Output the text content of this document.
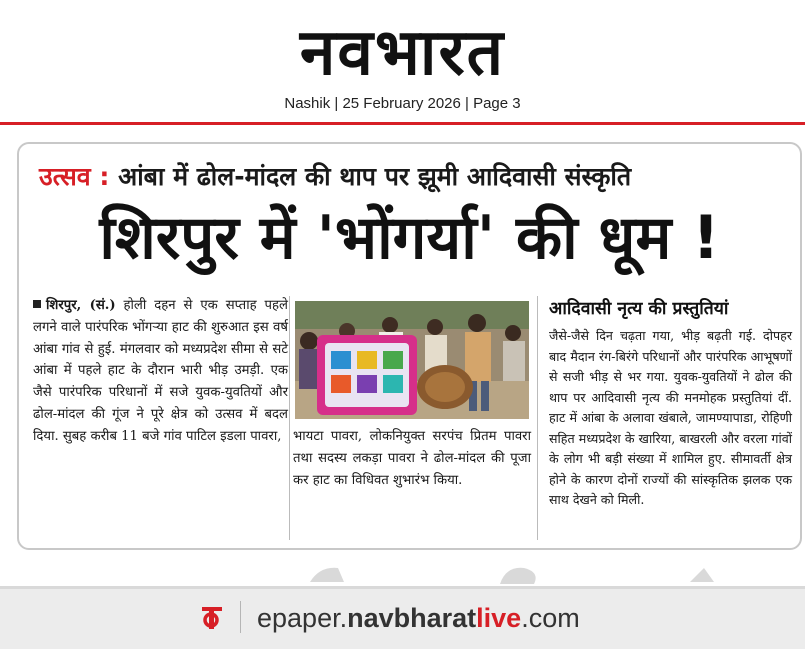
नवभारत
Nashik | 25 February 2026 | Page 3
उत्सव : आंबा में ढोल-मांदल की थाप पर झूमी आदिवासी संस्कृति
शिरपुर में 'भोंगर्या' की धूम !
शिरपुर, (सं.) होली दहन से एक सप्ताह पहले लगने वाले पारंपरिक भोंगऱ्या हाट की शुरुआत इस वर्ष आंबा गांव से हुई. मंगलवार को मध्यप्रदेश सीमा से सटे आंबा में पहले हाट के दौरान भारी भीड़ उमड़ी. एक जैसे पारंपरिक परिधानों में सजे युवक-युवतियों और ढोल-मांदल की गूंज ने पूरे क्षेत्र को उत्सव में बदल दिया. सुबह करीब 11 बजे गांव पाटिल इडला पावरा, भायटा पावरा, लोकनियुक्त सरपंच प्रितम पावरा तथा सदस्य लकड़ा पावरा ने ढोल-मांदल की पूजा कर हाट का विधिवत शुभारंभ किया.
आदिवासी नृत्य की प्रस्तुतियां
जैसे-जैसे दिन चढ़ता गया, भीड़ बढ़ती गई. दोपहर बाद मैदान रंग-बिरंगे परिधानों और पारंपरिक आभूषणों से सजी भीड़ से भर गया. युवक-युवतियों ने ढोल की थाप पर आदिवासी नृत्य की मनमोहक प्रस्तुतियां दीं. हाट में आंबा के अलावा खंबाले, जामण्यापाडा, रोहिणी सहित मध्यप्रदेश के खारिया, बाखरली और वरला गांवों के लोग भी बड़ी संख्या में शामिल हुए. सीमावर्ती क्षेत्र होने के कारण दोनों राज्यों की सांस्कृतिक झलक एक साथ देखने को मिली.
epaper.navbharatlive.com
